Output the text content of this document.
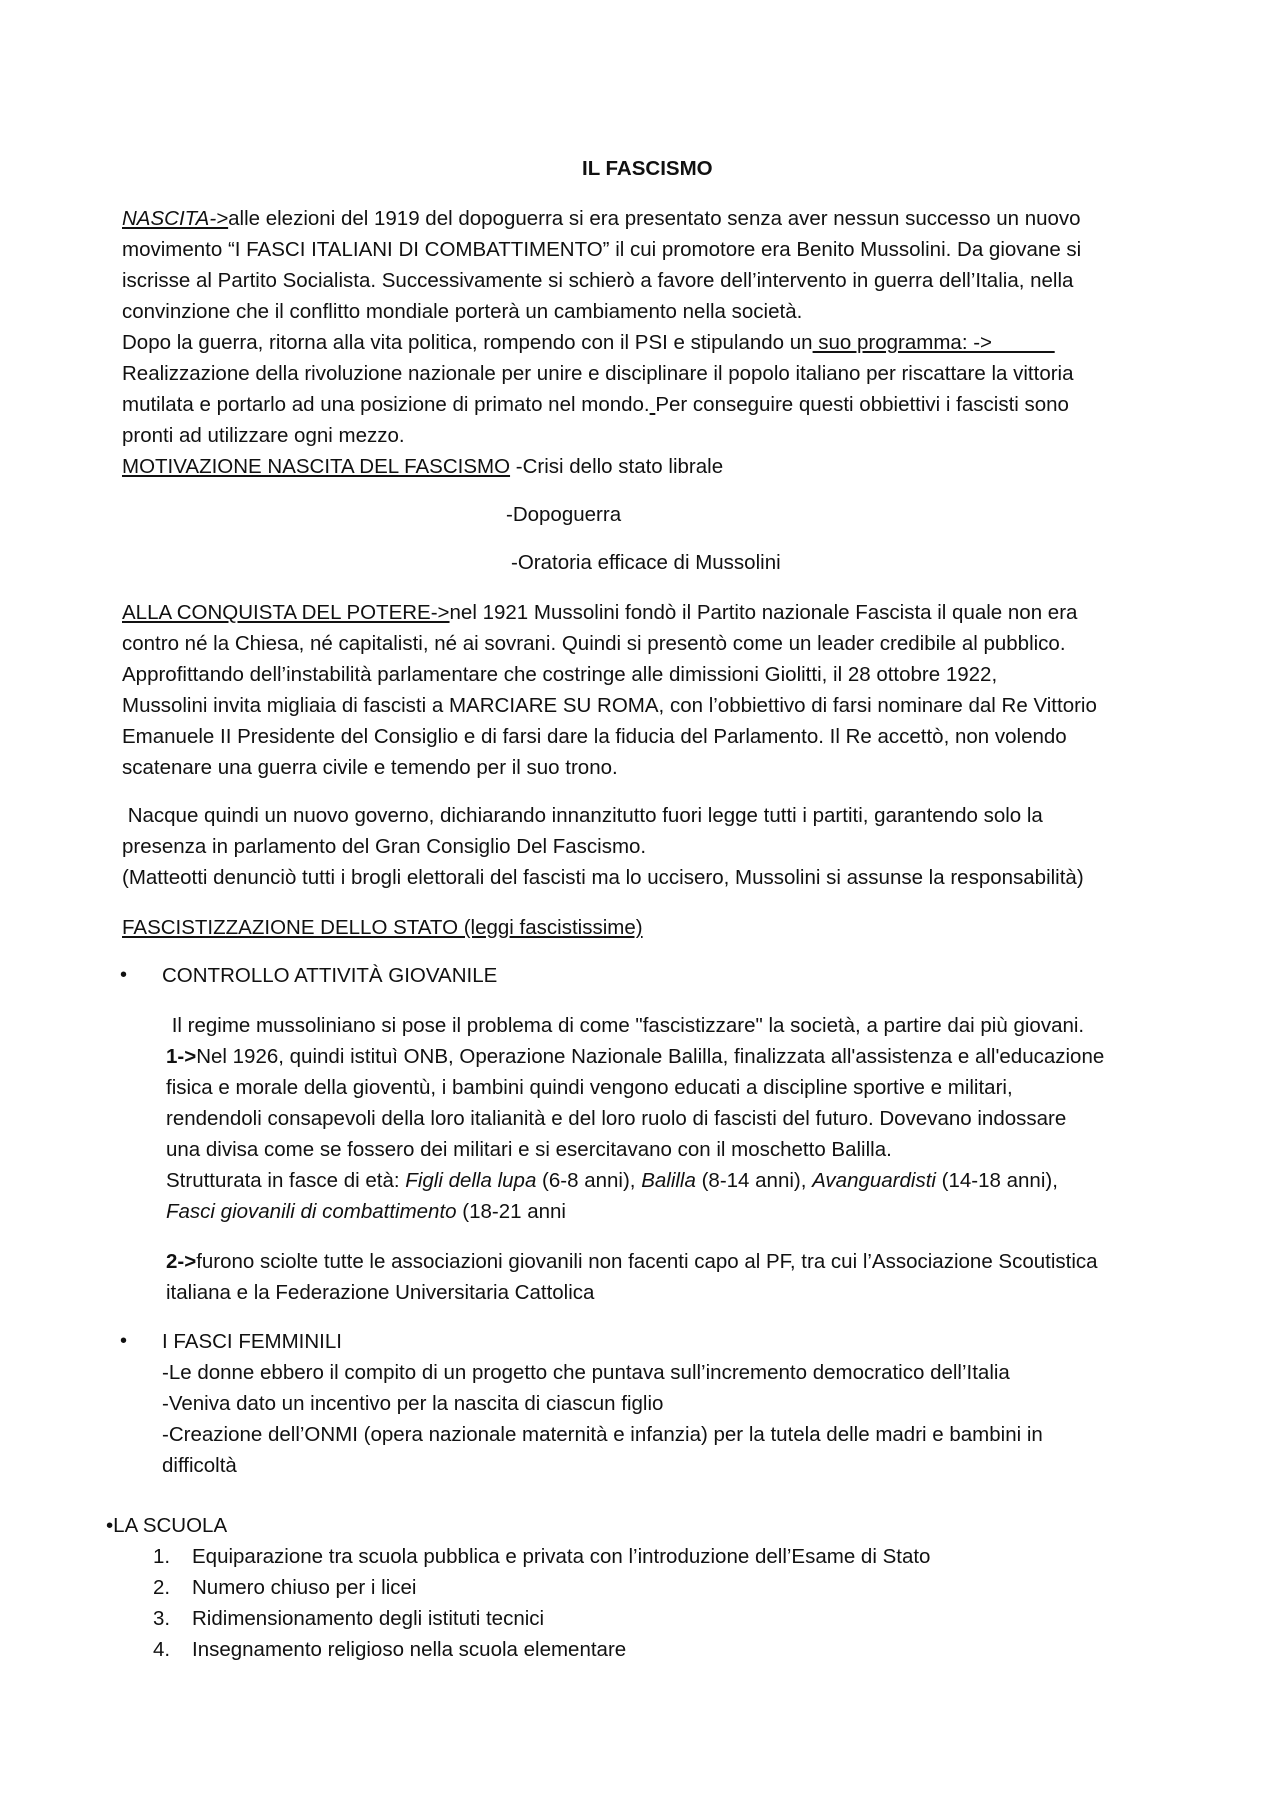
IL FASCISMO
NASCITA->alle elezioni del 1919 del dopoguerra si era presentato senza aver nessun successo un nuovo
movimento “I FASCI ITALIANI DI COMBATTIMENTO” il cui promotore era Benito Mussolini. Da giovane si
iscrisse al Partito Socialista. Successivamente si schierò a favore dell’intervento in guerra dell’Italia, nella
convinzione che il conflitto mondiale porterà un cambiamento nella società.
Dopo la guerra, ritorna alla vita politica, rompendo con il PSI e stipulando un suo programma: ->
Realizzazione della rivoluzione nazionale per unire e disciplinare il popolo italiano per riscattare la vittoria
mutilata e portarlo ad una posizione di primato nel mondo. Per conseguire questi obbiettivi i fascisti sono
pronti ad utilizzare ogni mezzo.
MOTIVAZIONE NASCITA DEL FASCISMO -Crisi dello stato librale
-Dopoguerra
-Oratoria efficace di Mussolini
ALLA CONQUISTA DEL POTERE->nel 1921 Mussolini fondò il Partito nazionale Fascista il quale non era
contro né la Chiesa, né capitalisti, né ai sovrani. Quindi si presentò come un leader credibile al pubblico.
Approfittando dell’instabilità parlamentare che costringe alle dimissioni Giolitti, il 28 ottobre 1922,
Mussolini invita migliaia di fascisti a MARCIARE SU ROMA, con l’obbiettivo di farsi nominare dal Re Vittorio
Emanuele II Presidente del Consiglio e di farsi dare la fiducia del Parlamento. Il Re accettò, non volendo
scatenare una guerra civile e temendo per il suo trono.
Nacque quindi un nuovo governo, dichiarando innanzitutto fuori legge tutti i partiti, garantendo solo la
presenza in parlamento del Gran Consiglio Del Fascismo.
(Matteotti denunciò tutti i brogli elettorali del fascisti ma lo uccisero, Mussolini si assunse la responsabilità)
FASCISTIZZAZIONE DELLO STATO (leggi fascistissime)
• CONTROLLO ATTIVITÀ GIOVANILE
Il regime mussoliniano si pose il problema di come "fascistizzare" la società, a partire dai più giovani.
1->Nel 1926, quindi istituì ONB, Operazione Nazionale Balilla, finalizzata all'assistenza e all'educazione
fisica e morale della gioventù, i bambini quindi vengono educati a discipline sportive e militari,
rendendoli consapevoli della loro italianità e del loro ruolo di fascisti del futuro. Dovevano indossare
una divisa come se fossero dei militari e si esercitavano con il moschetto Balilla.
Strutturata in fasce di età: Figli della lupa (6-8 anni), Balilla (8-14 anni), Avanguardisti (14-18 anni),
Fasci giovanili di combattimento (18-21 anni
2->furono sciolte tutte le associazioni giovanili non facenti capo al PF, tra cui l’Associazione Scoutistica
italiana e la Federazione Universitaria Cattolica
• I FASCI FEMMINILI
-Le donne ebbero il compito di un progetto che puntava sull’incremento democratico dell’Italia
-Veniva dato un incentivo per la nascita di ciascun figlio
-Creazione dell’ONMI (opera nazionale maternità e infanzia) per la tutela delle madri e bambini in
difficoltà
•LA SCUOLA
1. Equiparazione tra scuola pubblica e privata con l’introduzione dell’Esame di Stato
2. Numero chiuso per i licei
3. Ridimensionamento degli istituti tecnici
4. Insegnamento religioso nella scuola elementare
